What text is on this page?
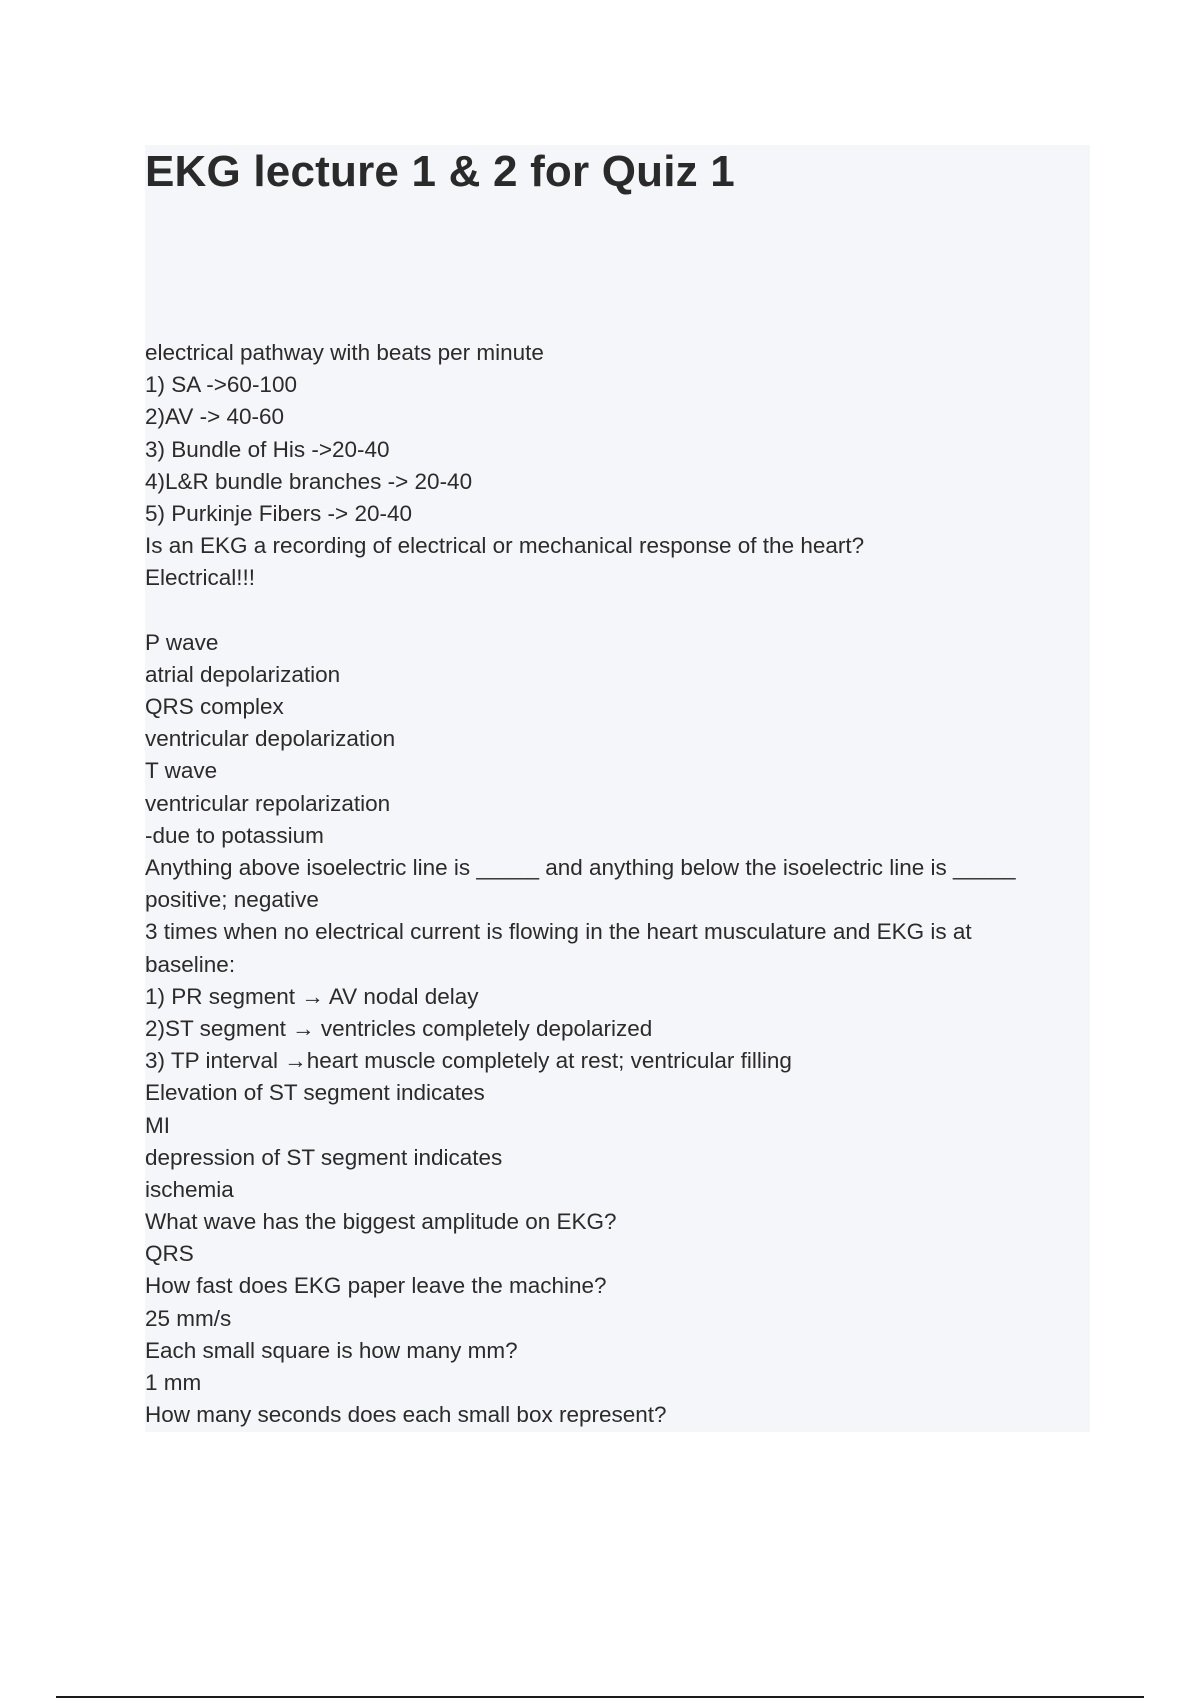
EKG lecture 1 & 2 for Quiz 1
electrical pathway with beats per minute
1) SA ->60-100
2)AV -> 40-60
3) Bundle of His ->20-40
4)L&R bundle branches -> 20-40
5) Purkinje Fibers -> 20-40
Is an EKG a recording of electrical or mechanical response of the heart?
Electrical!!!
P wave
atrial depolarization
QRS complex
ventricular depolarization
T wave
ventricular repolarization
-due to potassium
Anything above isoelectric line is _____ and anything below the isoelectric line is _____
positive; negative
3 times when no electrical current is flowing in the heart musculature and EKG is at
baseline:
1) PR segment → AV nodal delay
2)ST segment → ventricles completely depolarized
3) TP interval →heart muscle completely at rest; ventricular filling
Elevation of ST segment indicates
MI
depression of ST segment indicates
ischemia
What wave has the biggest amplitude on EKG?
QRS
How fast does EKG paper leave the machine?
25 mm/s
Each small square is how many mm?
1 mm
How many seconds does each small box represent?
